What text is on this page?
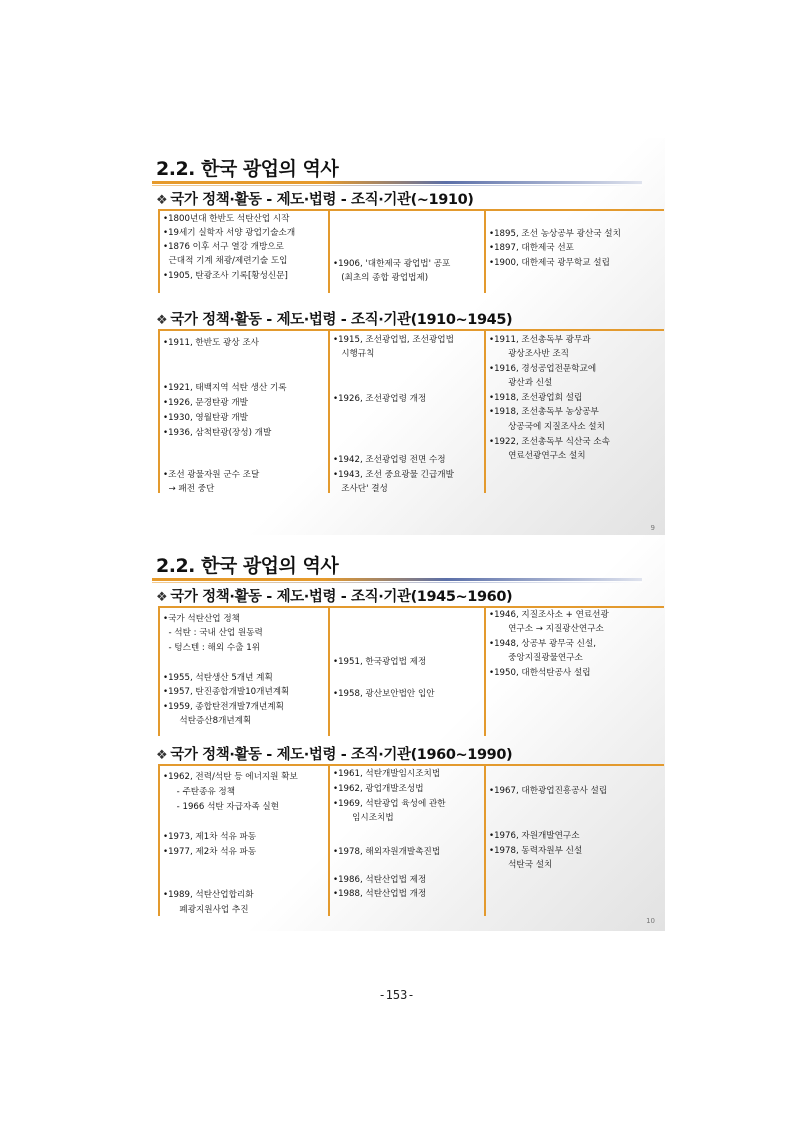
2.2. 한국 광업의 역사
❖ 국가 정책·활동 - 제도·법령 - 조직·기관(~1910)
•1800년대 한반도 석탄산업 시작
•19세기 실학자 서양 광업기술소개
•1876 이후 서구 열강 개방으로
근대적 기계 채광/제련기술 도입
•1905, 탄광조사 기록[황성신문]
•1906, '대한제국 광업법' 공포
(최초의 종합 광업법제)
•1895, 조선 농상공부 광산국 설치
•1897, 대한제국 선포
•1900, 대한제국 광무학교 설립
❖ 국가 정책·활동 - 제도·법령 - 조직·기관(1910~1945)
•1911, 한반도 광상 조사
•1921, 태백지역 석탄 생산 기록
•1926, 문경탄광 개발
•1930, 영월탄광 개발
•1936, 삼척탄광(장성) 개발
•조선 광물자원 군수 조달
→ 패전 중단
•1915, 조선광업법, 조선광업법
시행규칙
•1926, 조선광업령 개정
•1942, 조선광업령 전면 수정
•1943, 조선 중요광물 긴급개발
조사단' 결성
•1911, 조선총독부 광무과
광상조사반 조직
•1916, 경성공업전문학교에
광산과 신설
•1918, 조선광업회 설립
•1918, 조선총독부 농상공부
상공국에 지질조사소 설치
•1922, 조선총독부 식산국 소속
연료선광연구소 설치
9
2.2. 한국 광업의 역사
❖ 국가 정책·활동 - 제도·법령 - 조직·기관(1945~1960)
•국가 석탄산업 정책
- 석탄 : 국내 산업 원동력
- 텅스텐 : 해외 수출 1위
•1955, 석탄생산 5개년 계획
•1957, 탄진종합개발10개년계획
•1959, 종합탄전개발7개년계획
석탄증산8개년계획
•1951, 한국광업법 제정
•1958, 광산보안법안 입안
•1946, 지질조사소 + 연료선광
연구소 → 지질광산연구소
•1948, 상공부 광무국 신설,
중앙지질광물연구소
•1950, 대한석탄공사 설립
❖ 국가 정책·활동 - 제도·법령 - 조직·기관(1960~1990)
•1962, 전력/석탄 등 에너지원 확보
- 주탄종유 정책
- 1966 석탄 자급자족 실현
•1973, 제1차 석유 파동
•1977, 제2차 석유 파동
•1989, 석탄산업합리화
폐광지원사업 추진
•1961, 석탄개발임시조치법
•1962, 광업개발조성법
•1969, 석탄광업 육성에 관한
임시조치법
•1978, 해외자원개발촉진법
•1986, 석탄산업법 제정
•1988, 석탄산업법 개정
•1967, 대한광업진흥공사 설립
•1976, 자원개발연구소
•1978, 동력자원부 신설
석탄국 설치
10
-153-
